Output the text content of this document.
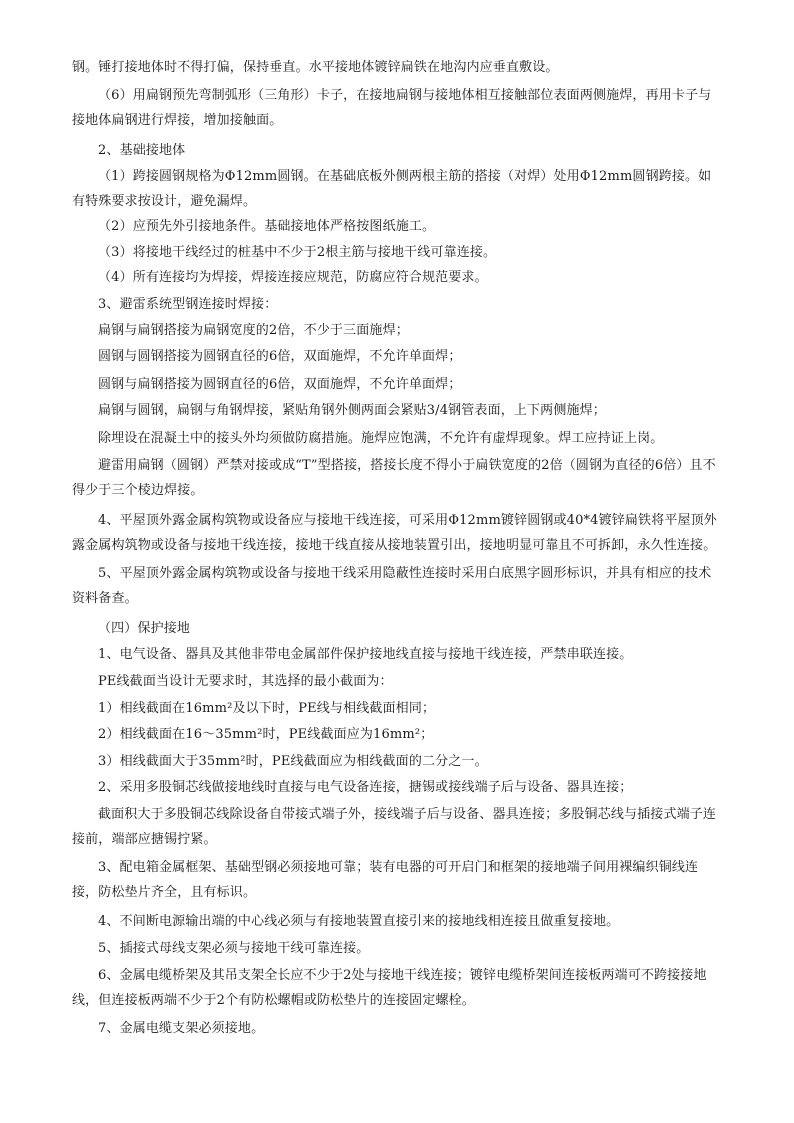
钢。锤打接地体时不得打偏，保持垂直。水平接地体镀锌扁铁在地沟内应垂直敷设。

（6）用扁钢预先弯制弧形（三角形）卡子，在接地扁钢与接地体相互接触部位表面两侧施焊，再用卡子与接地体扁钢进行焊接，增加接触面。

2、基础接地体

（1）跨接圆钢规格为Φ12mm圆钢。在基础底板外侧两根主筋的搭接（对焊）处用Φ12mm圆钢跨接。如有特殊要求按设计，避免漏焊。

（2）应预先外引接地条件。基础接地体严格按图纸施工。

（3）将接地干线经过的桩基中不少于2根主筋与接地干线可靠连接。

（4）所有连接均为焊接，焊接连接应规范，防腐应符合规范要求。

3、避雷系统型钢连接时焊接：

扁钢与扁钢搭接为扁钢宽度的2倍，不少于三面施焊；

圆钢与圆钢搭接为圆钢直径的6倍，双面施焊，不允许单面焊；

圆钢与扁钢搭接为圆钢直径的6倍，双面施焊，不允许单面焊；

扁钢与圆钢，扁钢与角钢焊接，紧贴角钢外侧两面会紧贴3/4钢管表面，上下两侧施焊；

除埋设在混凝土中的接头外均须做防腐措施。施焊应饱满，不允许有虚焊现象。焊工应持证上岗。

避雷用扁钢（圆钢）严禁对接或成“T”型搭接，搭接长度不得小于扁铁宽度的2倍（圆钢为直径的6倍）且不得少于三个棱边焊接。

4、平屋顶外露金属构筑物或设备应与接地干线连接，可采用Φ12mm镀锌圆钢或40*4镀锌扁铁将平屋顶外露金属构筑物或设备与接地干线连接，接地干线直接从接地装置引出，接地明显可靠且不可拆卸，永久性连接。

5、平屋顶外露金属构筑物或设备与接地干线采用隐蔽性连接时采用白底黑字圆形标识，并具有相应的技术资料备查。

（四）保护接地

1、电气设备、器具及其他非带电金属部件保护接地线直接与接地干线连接，严禁串联连接。

PE线截面当设计无要求时，其选择的最小截面为：

1）相线截面在16mm²及以下时，PE线与相线截面相同；

2）相线截面在16～35mm²时，PE线截面应为16mm²；

3）相线截面大于35mm²时，PE线截面应为相线截面的二分之一。

2、采用多股铜芯线做接地线时直接与电气设备连接，搪锡或接线端子后与设备、器具连接；

截面积大于多股铜芯线除设备自带接式端子外，接线端子后与设备、器具连接；多股铜芯线与插接式端子连接前，端部应搪锡拧紧。

3、配电箱金属框架、基础型钢必须接地可靠；装有电器的可开启门和框架的接地端子间用裸编织铜线连接，防松垫片齐全，且有标识。

4、不间断电源输出端的中心线必须与有接地装置直接引来的接地线相连接且做重复接地。

5、插接式母线支架必须与接地干线可靠连接。

6、金属电缆桥架及其吊支架全长应不少于2处与接地干线连接；镀锌电缆桥架间连接板两端可不跨接接地线，但连接板两端不少于2个有防松螺帽或防松垫片的连接固定螺栓。

7、金属电缆支架必须接地。
